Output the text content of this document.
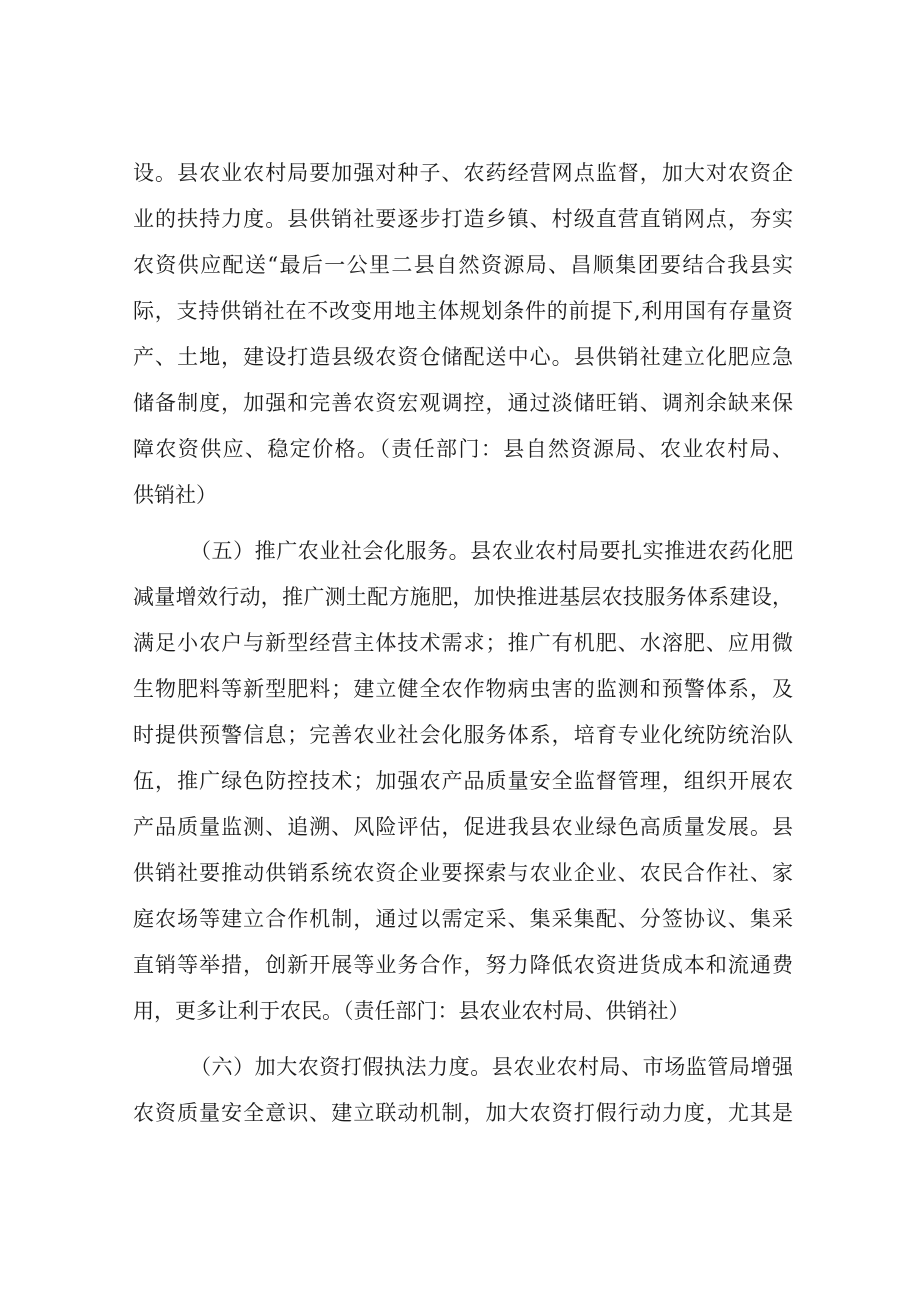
设。县农业农村局要加强对种子、农药经营网点监督，加大对农资企
业的扶持力度。县供销社要逐步打造乡镇、村级直营直销网点，夯实
农资供应配送“最后一公里二县自然资源局、昌顺集团要结合我县实
际，支持供销社在不改变用地主体规划条件的前提下,利用国有存量资
产、土地，建设打造县级农资仓储配送中心。县供销社建立化肥应急
储备制度，加强和完善农资宏观调控，通过淡储旺销、调剂余缺来保
障农资供应、稳定价格。（责任部门：县自然资源局、农业农村局、
供销社）
（五）推广农业社会化服务。县农业农村局要扎实推进农药化肥
减量增效行动，推广测土配方施肥，加快推进基层农技服务体系建设，
满足小农户与新型经营主体技术需求；推广有机肥、水溶肥、应用微
生物肥料等新型肥料；建立健全农作物病虫害的监测和预警体系，及
时提供预警信息；完善农业社会化服务体系，培育专业化统防统治队
伍，推广绿色防控技术；加强农产品质量安全监督管理，组织开展农
产品质量监测、追溯、风险评估，促进我县农业绿色高质量发展。县
供销社要推动供销系统农资企业要探索与农业企业、农民合作社、家
庭农场等建立合作机制，通过以需定采、集采集配、分签协议、集采
直销等举措，创新开展等业务合作，努力降低农资进货成本和流通费
用，更多让利于农民。（责任部门：县农业农村局、供销社）
（六）加大农资打假执法力度。县农业农村局、市场监管局增强
农资质量安全意识、建立联动机制，加大农资打假行动力度，尤其是
